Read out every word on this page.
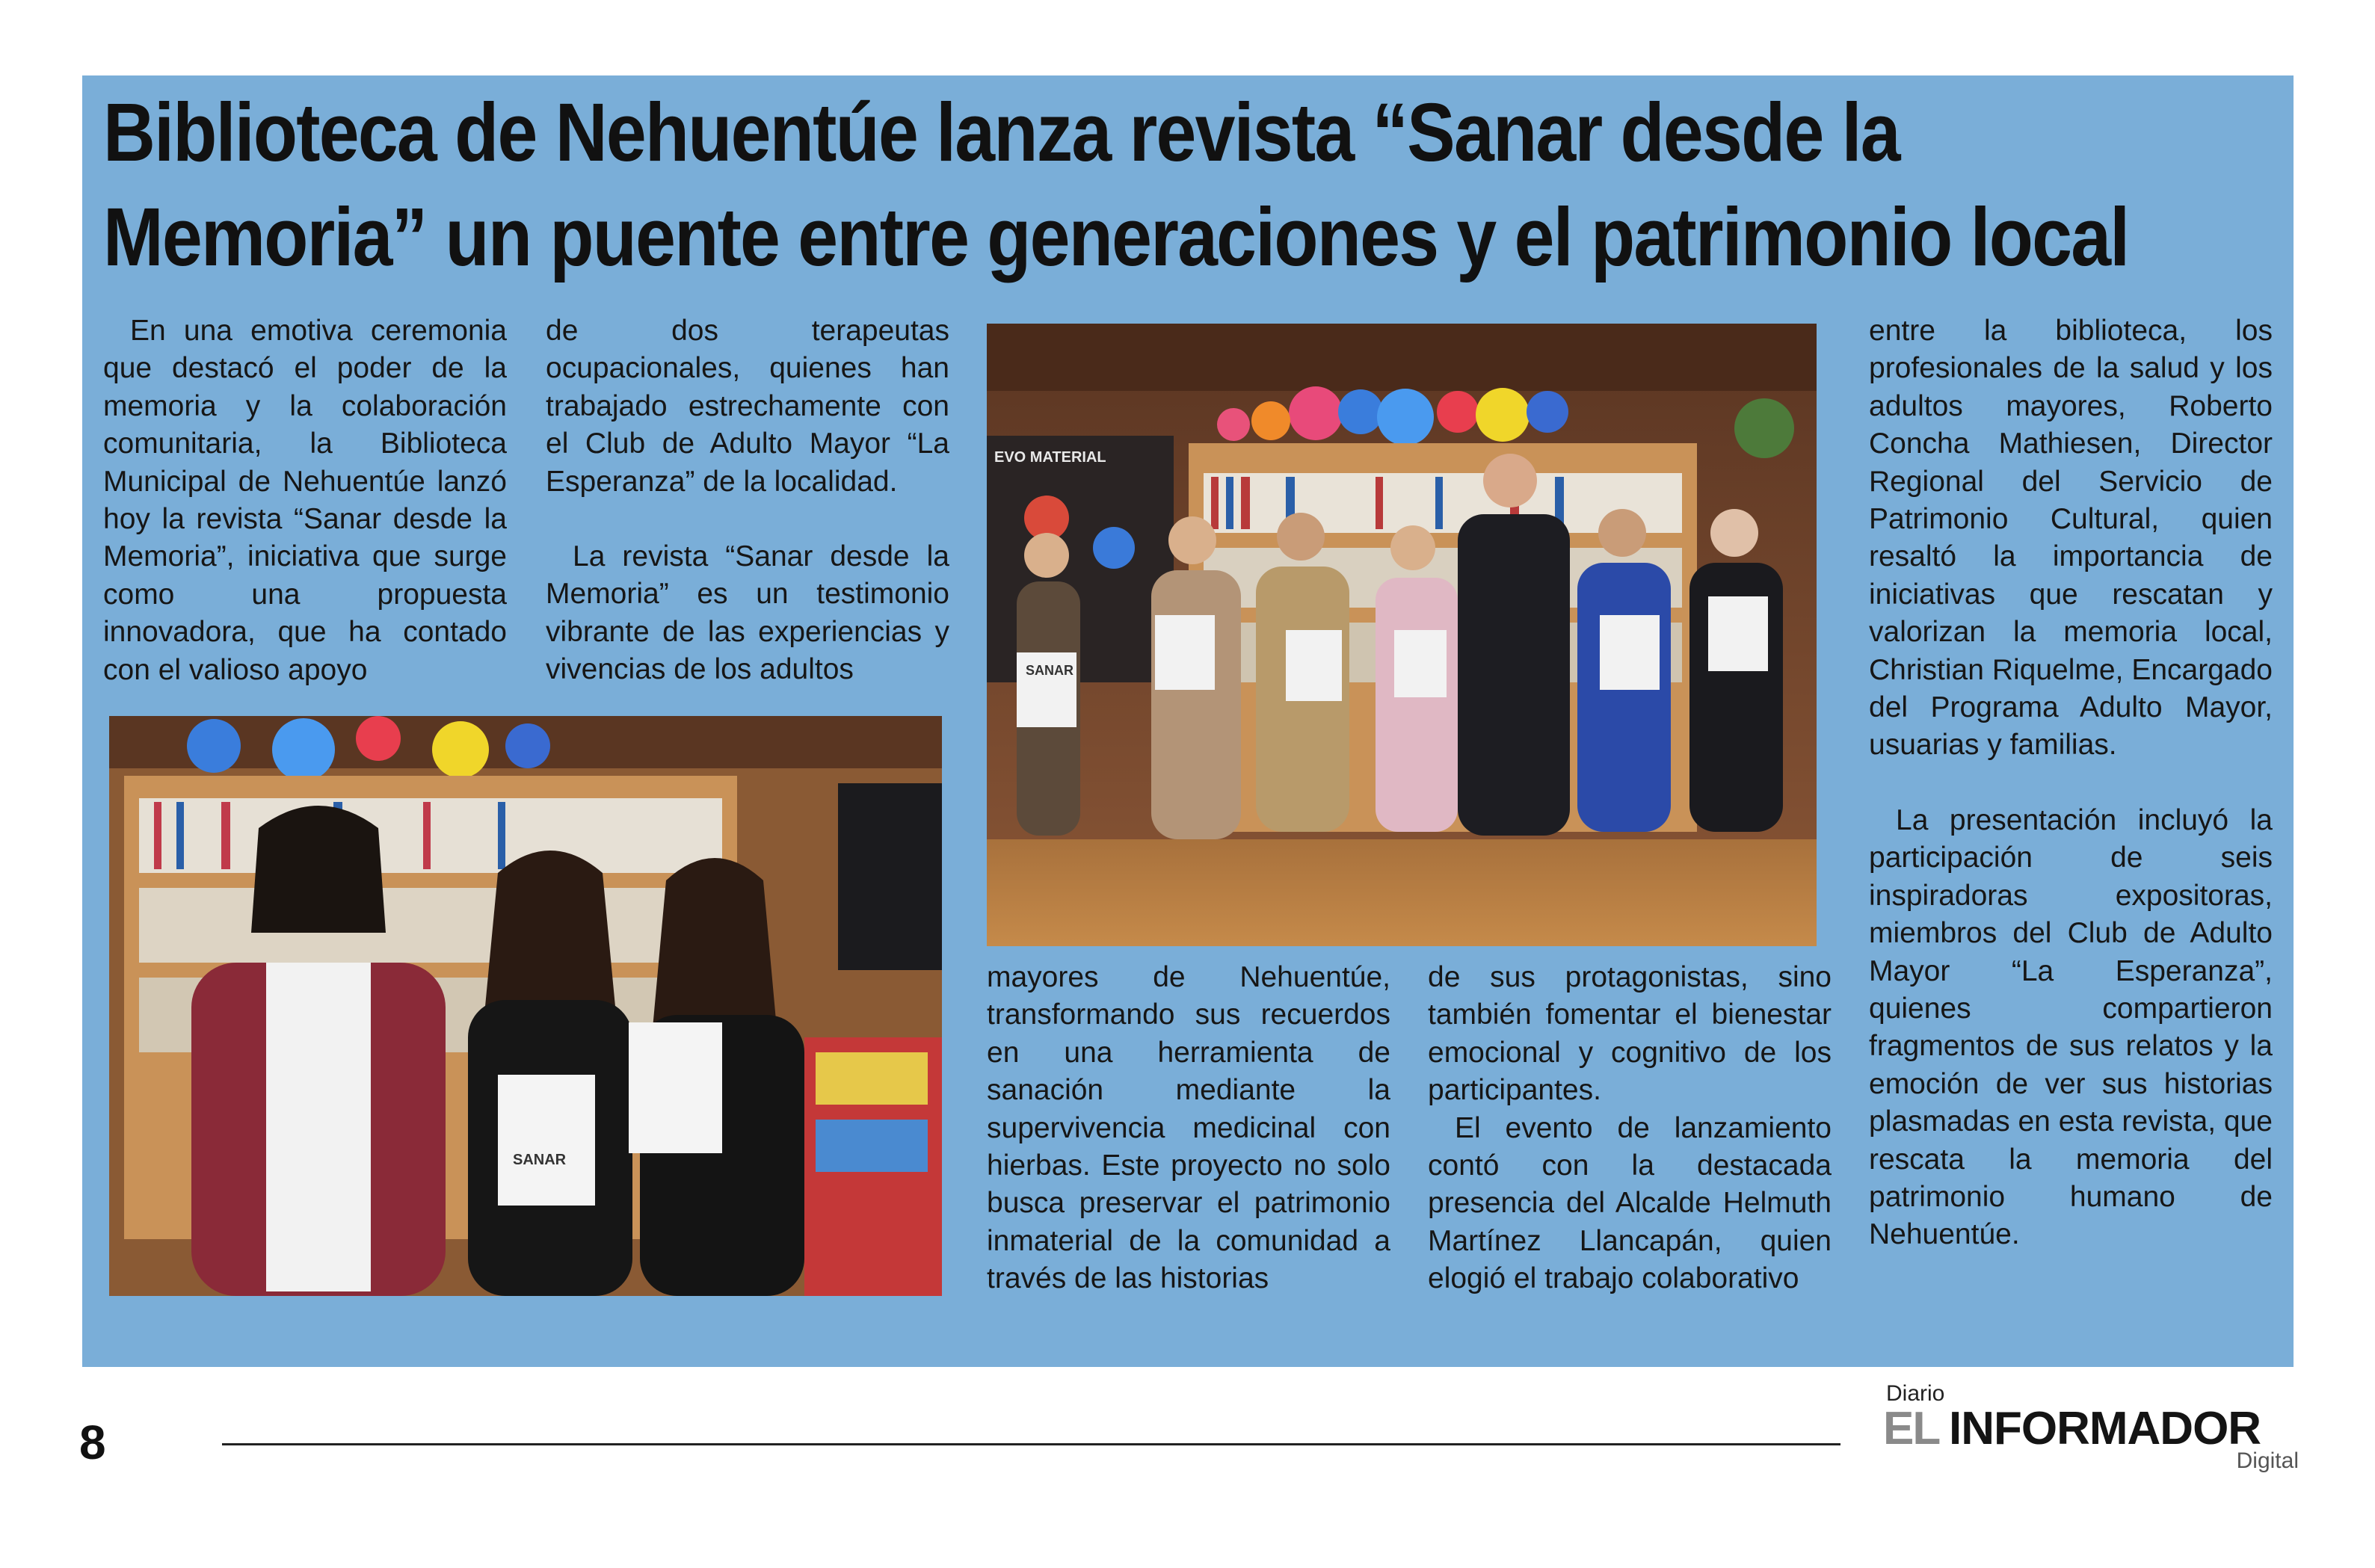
Biblioteca de Nehuentúe lanza revista “Sanar desde la
Memoria” un puente entre generaciones y el patrimonio local

En una emotiva ceremonia que destacó el poder de la memoria y la colaboración comunitaria, la Biblioteca Municipal de Nehuentúe lanzó hoy la revista “Sanar desde la Memoria”, iniciativa que surge como una propuesta innovadora, que ha contado con el valioso apoyo

de dos terapeutas ocupacionales, quienes han trabajado estrechamente con el Club de Adulto Mayor “La Esperanza” de la localidad.

La revista “Sanar desde la Memoria” es un testimonio vibrante de las experiencias y vivencias de los adultos

mayores de Nehuentúe, transformando sus recuerdos en una herramienta de sanación mediante la supervivencia medicinal con hierbas. Este proyecto no solo busca preservar el patrimonio inmaterial de la comunidad a través de las historias

de sus protagonistas, sino también fomentar el bienestar emocional y cognitivo de los participantes.

El evento de lanzamiento contó con la destacada presencia del Alcalde Helmuth Martínez Llancapán, quien elogió el trabajo colaborativo

entre la biblioteca, los profesionales de la salud y los adultos mayores, Roberto Concha Mathiesen, Director Regional del Servicio de Patrimonio Cultural, quien resaltó la importancia de iniciativas que rescatan y valorizan la memoria local, Christian Riquelme, Encargado del Programa Adulto Mayor, usuarias y familias.

La presentación incluyó la participación de seis inspiradoras expositoras, miembros del Club de Adulto Mayor “La Esperanza”, quienes compartieron fragmentos de sus relatos y la emoción de ver sus historias plasmadas en esta revista, que rescata la memoria del patrimonio humano de Nehuentúe.

EVO MATERIAL
SANAR
SANAR
8
Diario
EL INFORMADOR
Digital
